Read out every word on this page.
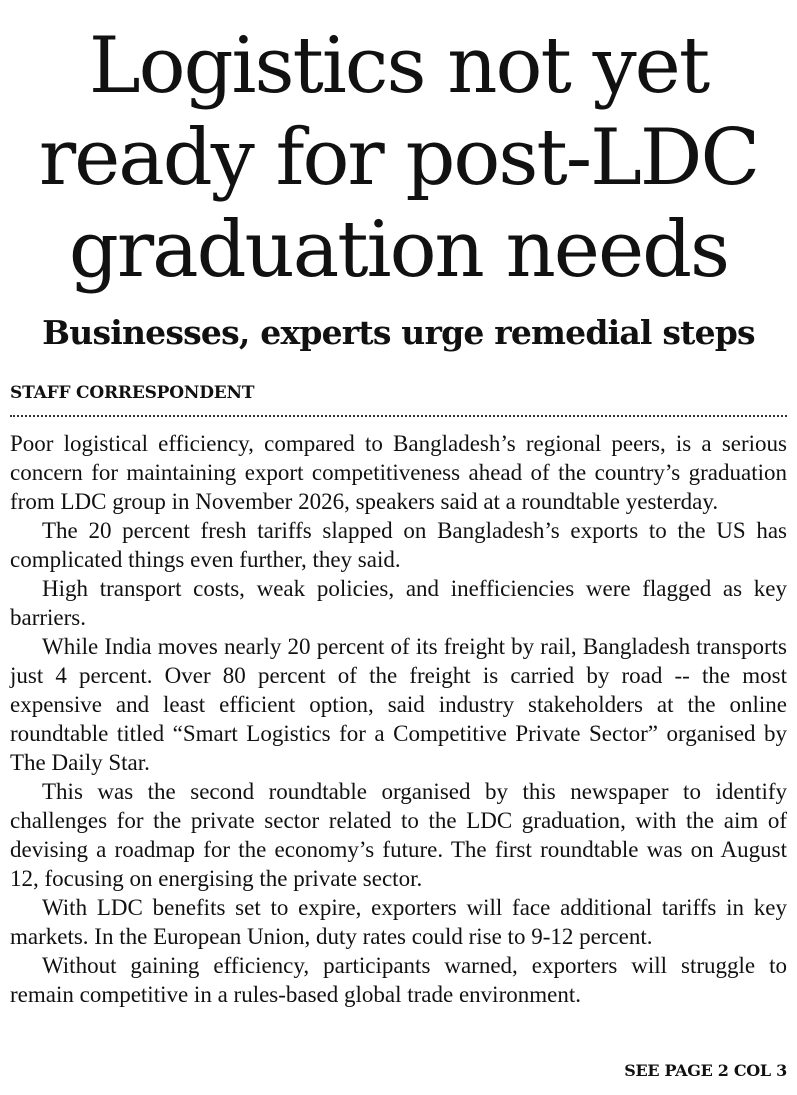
Logistics not yet
ready for post-LDC
graduation needs
Businesses, experts urge remedial steps
STAFF CORRESPONDENT

Poor logistical efficiency, compared to Bangladesh’s regional peers, is a serious concern for maintaining export competitiveness ahead of the country’s graduation from LDC group in November 2026, speakers said at a roundtable yesterday.

The 20 percent fresh tariffs slapped on Bangladesh’s exports to the US has complicated things even further, they said.

High transport costs, weak policies, and inefficiencies were flagged as key barriers.

While India moves nearly 20 percent of its freight by rail, Bangladesh transports just 4 percent. Over 80 percent of the freight is carried by road -- the most expensive and least efficient option, said industry stakeholders at the online roundtable titled “Smart Logistics for a Competitive Private Sector” organised by The Daily Star.

This was the second roundtable organised by this newspaper to identify challenges for the private sector related to the LDC graduation, with the aim of devising a roadmap for the economy’s future. The first roundtable was on August 12, focusing on energising the private sector.

With LDC benefits set to expire, exporters will face additional tariffs in key markets. In the European Union, duty rates could rise to 9-12 percent.

Without gaining efficiency, participants warned, exporters will struggle to remain competitive in a rules-based global trade environment.

SEE PAGE 2 COL 3
